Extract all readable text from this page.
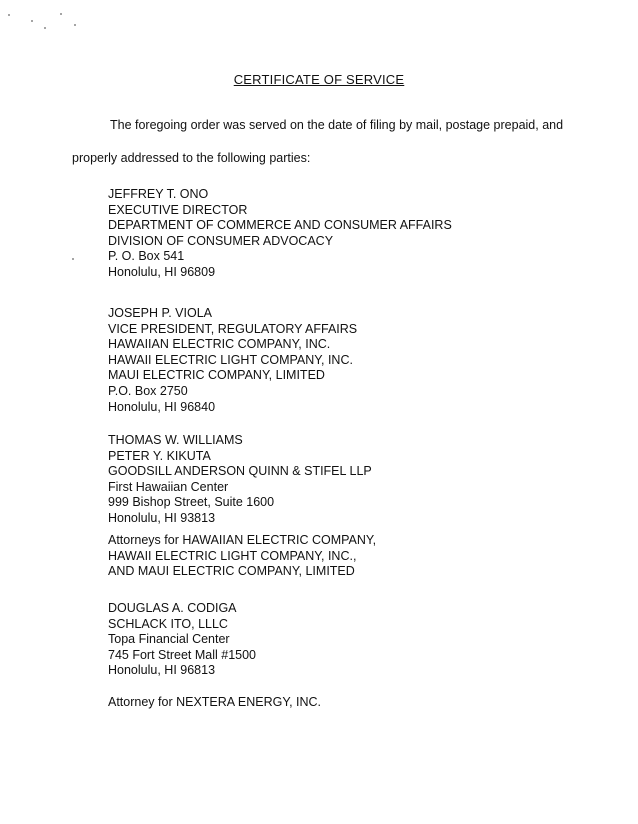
CERTIFICATE OF SERVICE
The foregoing order was served on the date of filing by mail, postage prepaid, and
properly addressed to the following parties:
JEFFREY T. ONO
EXECUTIVE DIRECTOR
DEPARTMENT OF COMMERCE AND CONSUMER AFFAIRS
DIVISION OF CONSUMER ADVOCACY
P. O. Box 541
Honolulu, HI 96809
JOSEPH P. VIOLA
VICE PRESIDENT, REGULATORY AFFAIRS
HAWAIIAN ELECTRIC COMPANY, INC.
HAWAII ELECTRIC LIGHT COMPANY, INC.
MAUI ELECTRIC COMPANY, LIMITED
P.O. Box 2750
Honolulu, HI 96840
THOMAS W. WILLIAMS
PETER Y. KIKUTA
GOODSILL ANDERSON QUINN & STIFEL LLP
First Hawaiian Center
999 Bishop Street, Suite 1600
Honolulu, HI 93813
Attorneys for HAWAIIAN ELECTRIC COMPANY,
HAWAII ELECTRIC LIGHT COMPANY, INC.,
AND MAUI ELECTRIC COMPANY, LIMITED
DOUGLAS A. CODIGA
SCHLACK ITO, LLLC
Topa Financial Center
745 Fort Street Mall #1500
Honolulu, HI 96813
Attorney for NEXTERA ENERGY, INC.
